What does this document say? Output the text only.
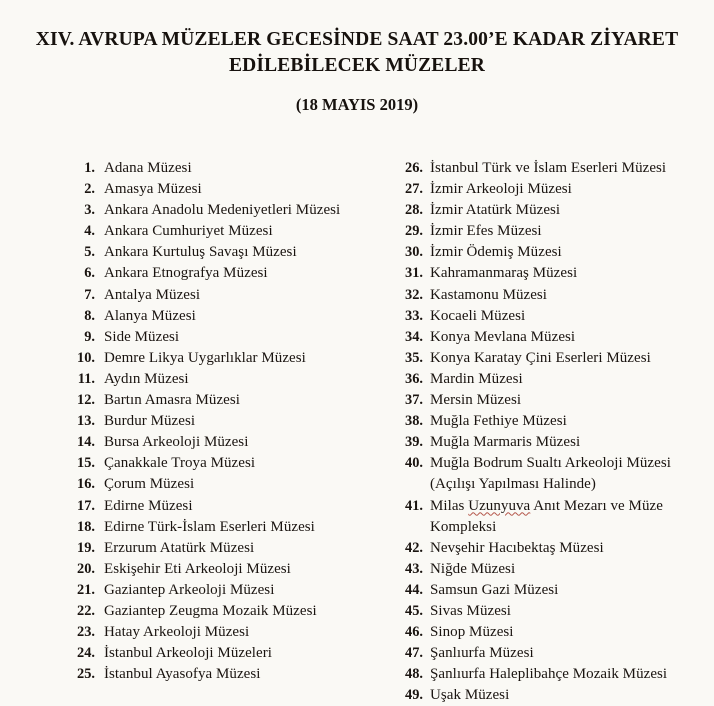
XIV. AVRUPA MÜZELER GECESİNDE SAAT 23.00’E KADAR ZİYARET
EDİLEBİLECEK MÜZELER
(18 MAYIS 2019)
1. Adana Müzesi
2. Amasya Müzesi
3. Ankara Anadolu Medeniyetleri Müzesi
4. Ankara Cumhuriyet Müzesi
5. Ankara Kurtuluş Savaşı Müzesi
6. Ankara Etnografya Müzesi
7. Antalya Müzesi
8. Alanya Müzesi
9. Side Müzesi
10. Demre Likya Uygarlıklar Müzesi
11. Aydın Müzesi
12. Bartın Amasra Müzesi
13. Burdur Müzesi
14. Bursa Arkeoloji Müzesi
15. Çanakkale Troya Müzesi
16. Çorum Müzesi
17. Edirne Müzesi
18. Edirne Türk-İslam Eserleri Müzesi
19. Erzurum Atatürk Müzesi
20. Eskişehir Eti Arkeoloji Müzesi
21. Gaziantep Arkeoloji Müzesi
22. Gaziantep Zeugma Mozaik Müzesi
23. Hatay Arkeoloji Müzesi
24. İstanbul Arkeoloji Müzeleri
25. İstanbul Ayasofya Müzesi
26. İstanbul Türk ve İslam Eserleri Müzesi
27. İzmir Arkeoloji Müzesi
28. İzmir Atatürk Müzesi
29. İzmir Efes Müzesi
30. İzmir Ödemiş Müzesi
31. Kahramanmaraş Müzesi
32. Kastamonu Müzesi
33. Kocaeli Müzesi
34. Konya Mevlana Müzesi
35. Konya Karatay Çini Eserleri Müzesi
36. Mardin Müzesi
37. Mersin Müzesi
38. Muğla Fethiye Müzesi
39. Muğla Marmaris Müzesi
40. Muğla Bodrum Sualtı Arkeoloji Müzesi
(Açılışı Yapılması Halinde)
41. Milas Uzunyuva Anıt Mezarı ve Müze
Kompleksi
42. Nevşehir Hacıbektaş Müzesi
43. Niğde Müzesi
44. Samsun Gazi Müzesi
45. Sivas Müzesi
46. Sinop Müzesi
47. Şanlıurfa Müzesi
48. Şanlıurfa Haleplibahçe Mozaik Müzesi
49. Uşak Müzesi
